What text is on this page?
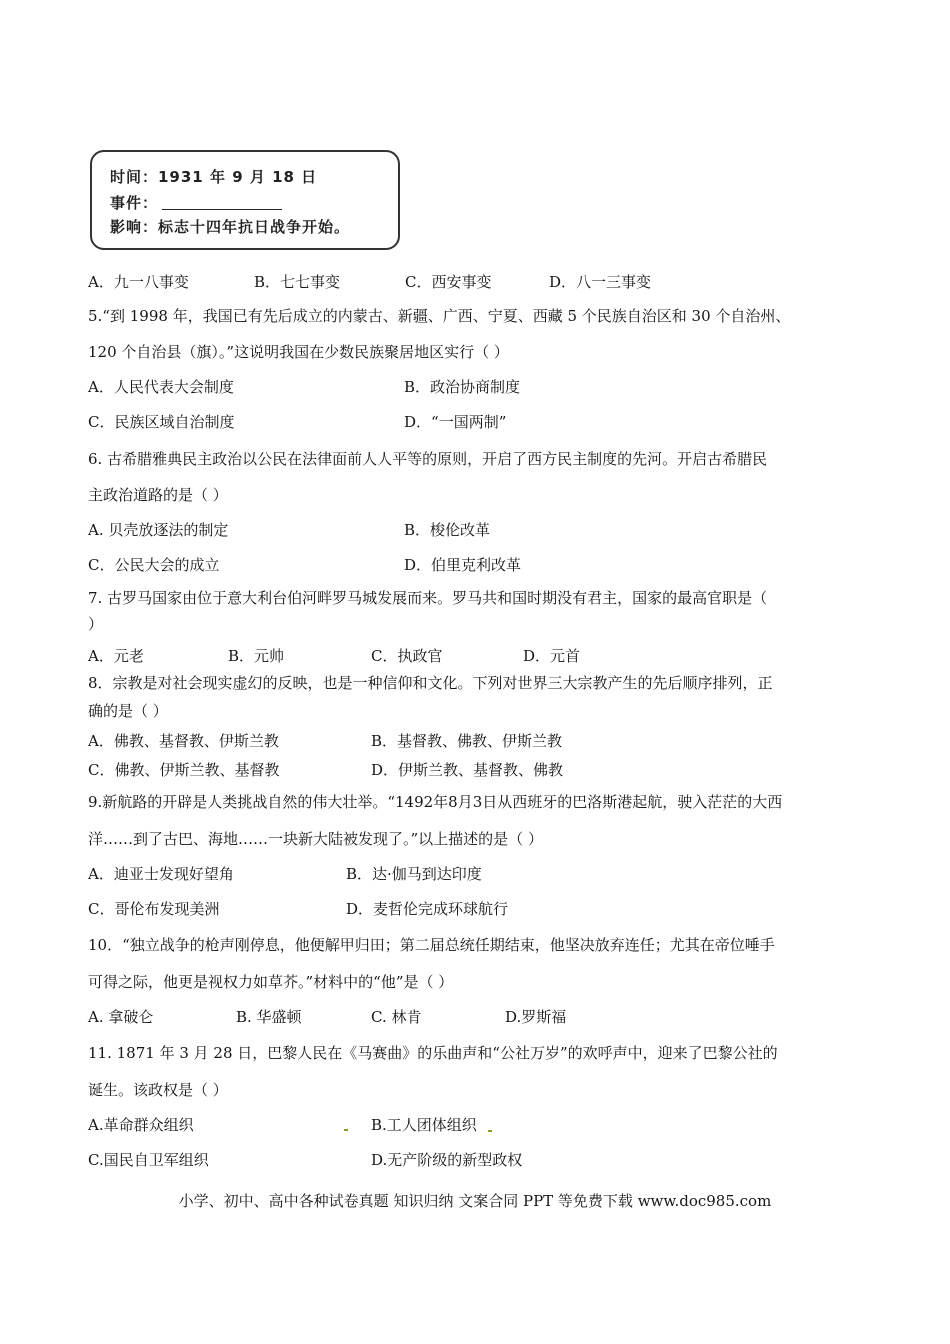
时间：1931 年 9 月 18 日
事件：
影响：标志十四年抗日战争开始。
A．九一八事变	B．七七事变	C．西安事变	D．八一三事变
5.“到 1998 年，我国已有先后成立的内蒙古、新疆、广西、宁夏、西藏 5 个民族自治区和 30 个自治州、
120 个自治县（旗）。”这说明我国在少数民族聚居地区实行（ ）
A．人民代表大会制度	B．政治协商制度
C．民族区域自治制度	D．“一国两制”
6. 古希腊雅典民主政治以公民在法律面前人人平等的原则，开启了西方民主制度的先河。开启古希腊民
主政治道路的是（ ）
A. 贝壳放逐法的制定	B．梭伦改革
C．公民大会的成立	D．伯里克利改革
7. 古罗马国家由位于意大利台伯河畔罗马城发展而来。罗马共和国时期没有君主，国家的最高官职是（
）
A．元老	B．元帅	C．执政官	D．元首
8．宗教是对社会现实虚幻的反映，也是一种信仰和文化。下列对世界三大宗教产生的先后顺序排列，正
确的是（ ）
A．佛教、基督教、伊斯兰教	B．基督教、佛教、伊斯兰教
C．佛教、伊斯兰教、基督教	D．伊斯兰教、基督教、佛教
9.新航路的开辟是人类挑战自然的伟大壮举。“1492年8月3日从西班牙的巴洛斯港起航，驶入茫茫的大西
洋……到了古巴、海地……一块新大陆被发现了。”以上描述的是（ ）
A．迪亚士发现好望角	B．达·伽马到达印度
C．哥伦布发现美洲	D．麦哲伦完成环球航行
10．“独立战争的枪声刚停息，他便解甲归田；第二届总统任期结束，他坚决放弃连任；尤其在帝位唾手
可得之际，他更是视权力如草芥。”材料中的“他”是（ ）
A. 拿破仑	B. 华盛顿	C. 林肯	D.罗斯福
11. 1871 年 3 月 28 日，巴黎人民在《马赛曲》的乐曲声和“公社万岁”的欢呼声中，迎来了巴黎公社的
诞生。该政权是（ ）
A.革命群众组织	B.工人团体组织
C.国民自卫军组织	D.无产阶级的新型政权
小学、初中、高中各种试卷真题 知识归纳 文案合同 PPT 等免费下载 www.doc985.com
